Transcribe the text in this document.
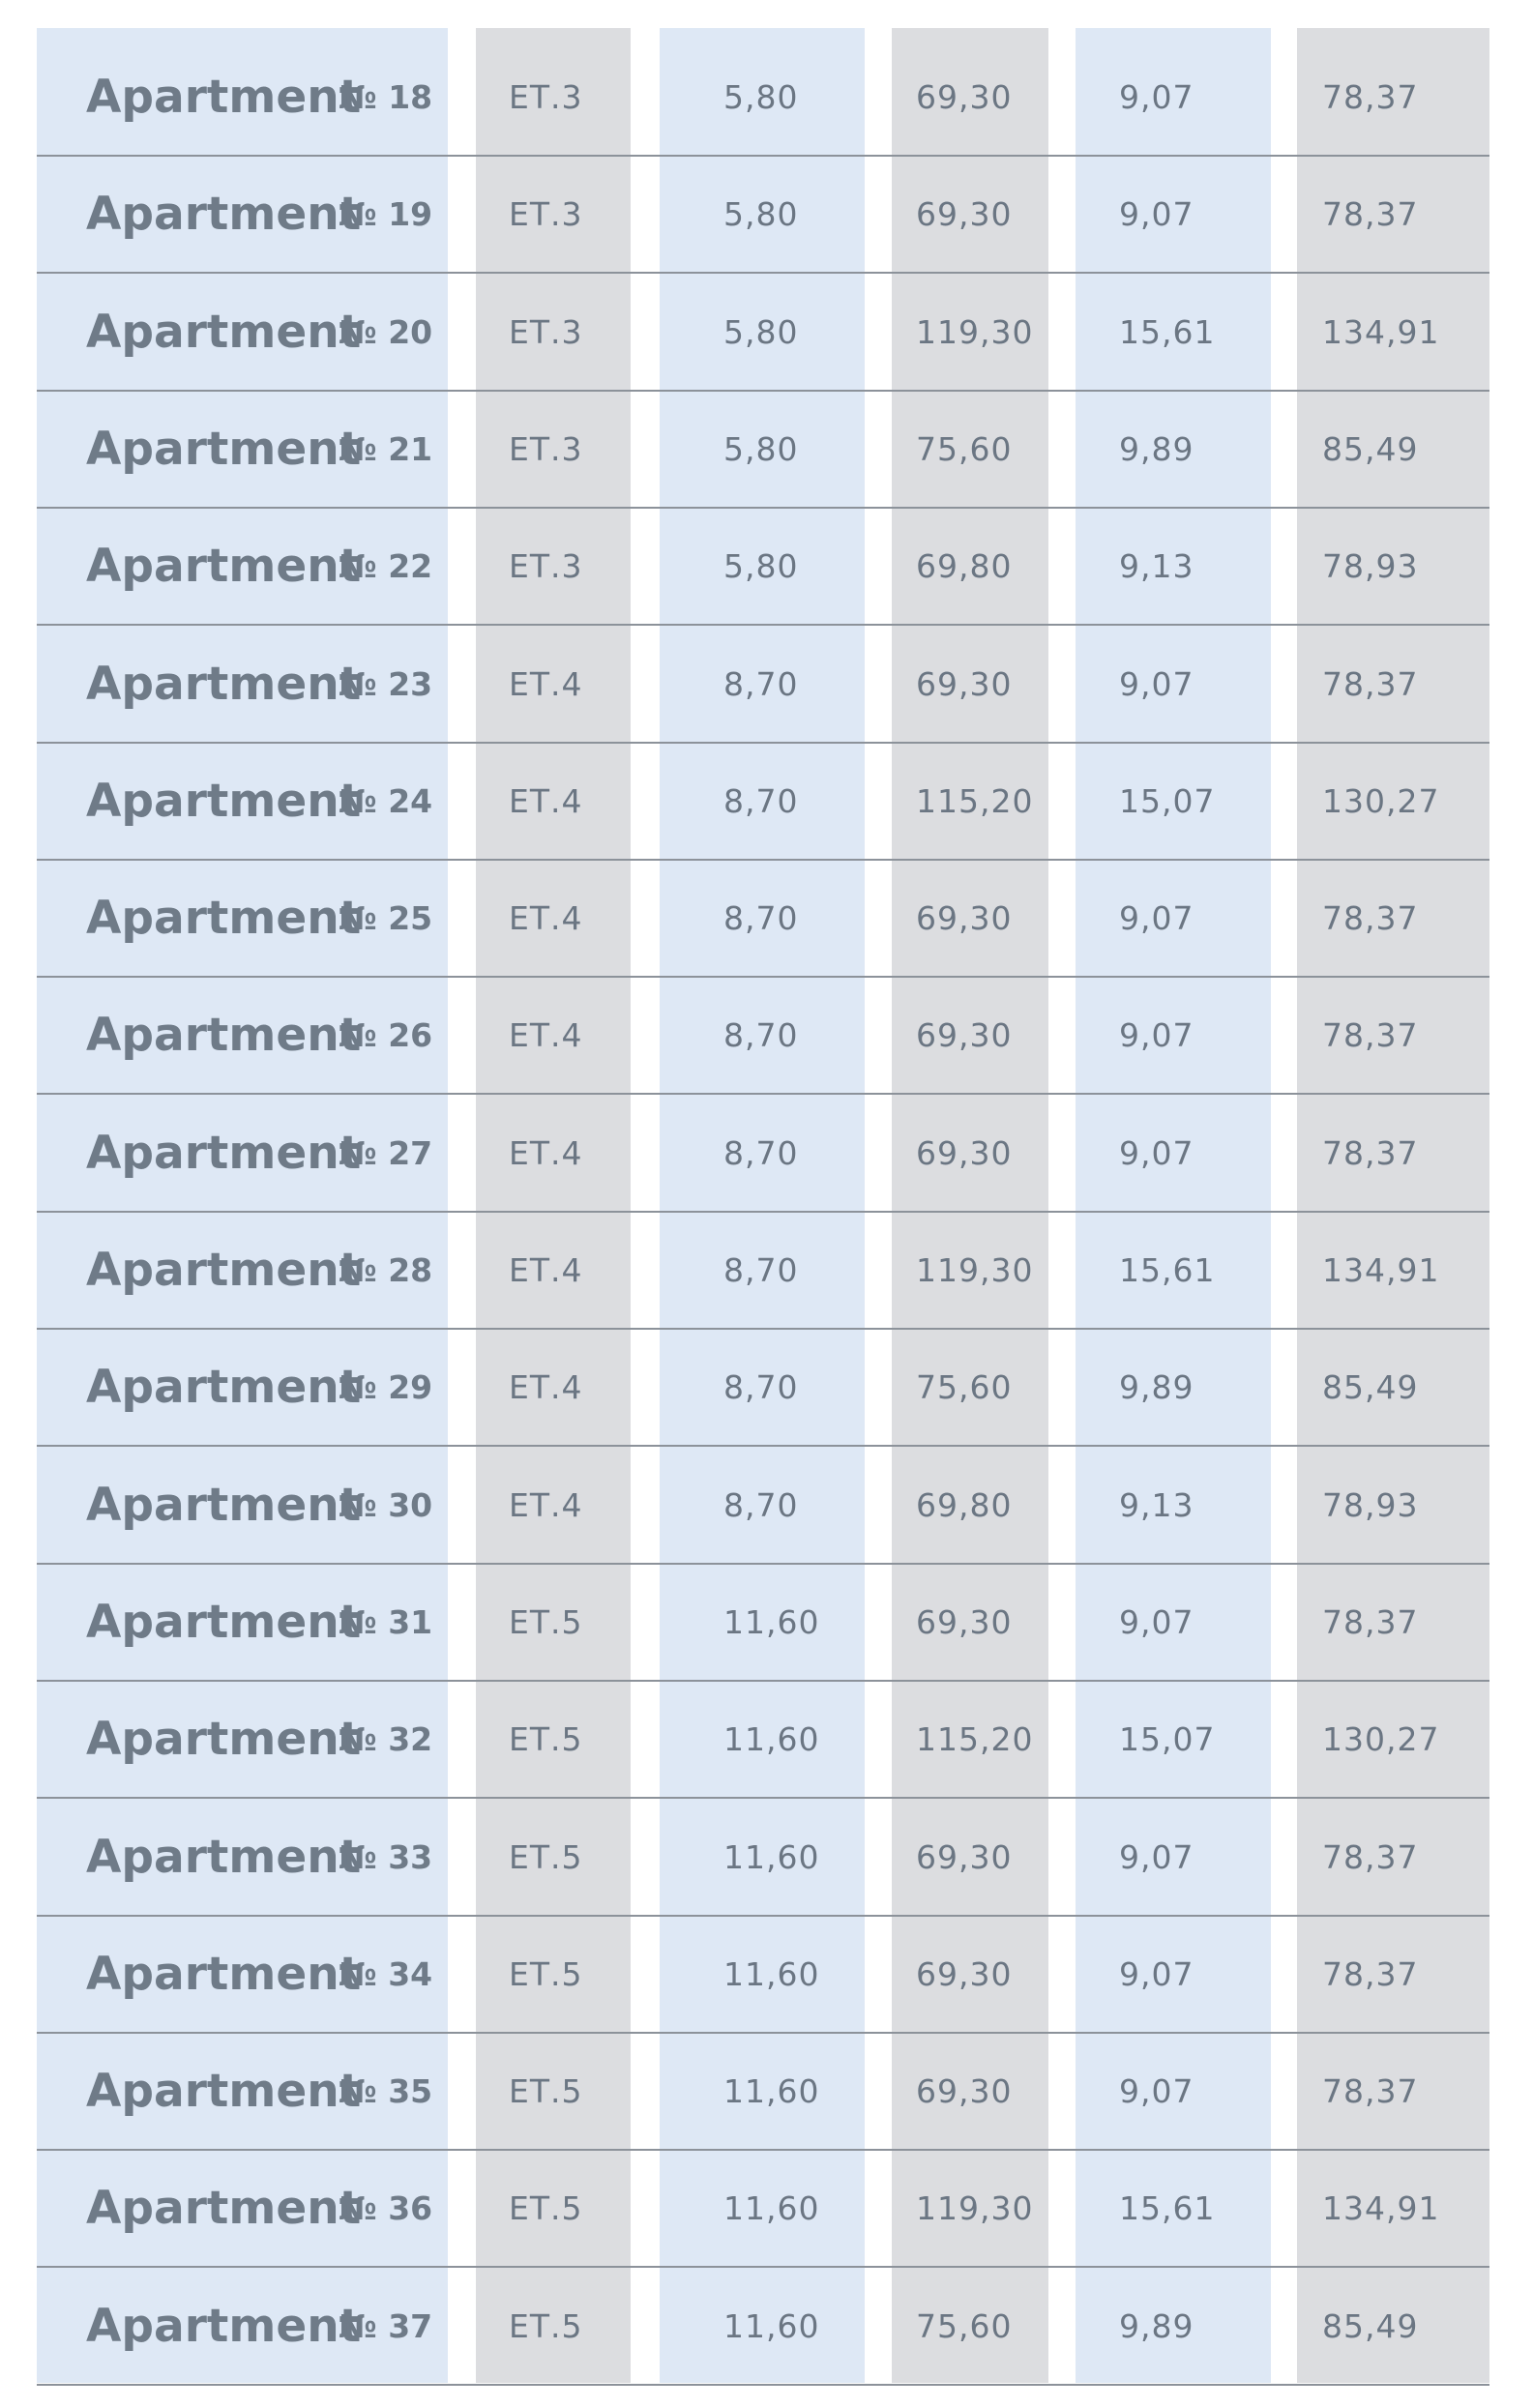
Apartment
№ 18 ЕТ.3	5,80	69,30	9,07	78,37
Apartment
№ 19 ЕТ.3	5,80	69,30	9,07	78,37
Apartment
№ 20 ЕТ.3	5,80	119,30	15,61	134,91
Apartment
№ 21 ЕТ.3	5,80	75,60	9,89	85,49
Apartment
№ 22 ЕТ.3	5,80	69,80	9,13	78,93
Apartment
№ 23 ЕТ.4	8,70	69,30	9,07	78,37
Apartment
№ 24 ЕТ.4	8,70	115,20	15,07	130,27
Apartment
№ 25 ЕТ.4	8,70	69,30	9,07	78,37
Apartment
№ 26 ЕТ.4	8,70	69,30	9,07	78,37
Apartment
№ 27 ЕТ.4	8,70	69,30	9,07	78,37
Apartment
№ 28 ЕТ.4	8,70	119,30	15,61	134,91
Apartment
№ 29 ЕТ.4	8,70	75,60	9,89	85,49
Apartment
№ 30 ЕТ.4	8,70	69,80	9,13	78,93
Apartment
№ 31 ЕТ.5	11,60	69,30	9,07	78,37
Apartment
№ 32 ЕТ.5	11,60	115,20	15,07	130,27
Apartment
№ 33 ЕТ.5	11,60	69,30	9,07	78,37
Apartment
№ 34 ЕТ.5	11,60	69,30	9,07	78,37
Apartment
№ 35 ЕТ.5	11,60	69,30	9,07	78,37
Apartment
№ 36 ЕТ.5	11,60	119,30	15,61	134,91
Apartment
№ 37 ЕТ.5	11,60	75,60	9,89	85,49
